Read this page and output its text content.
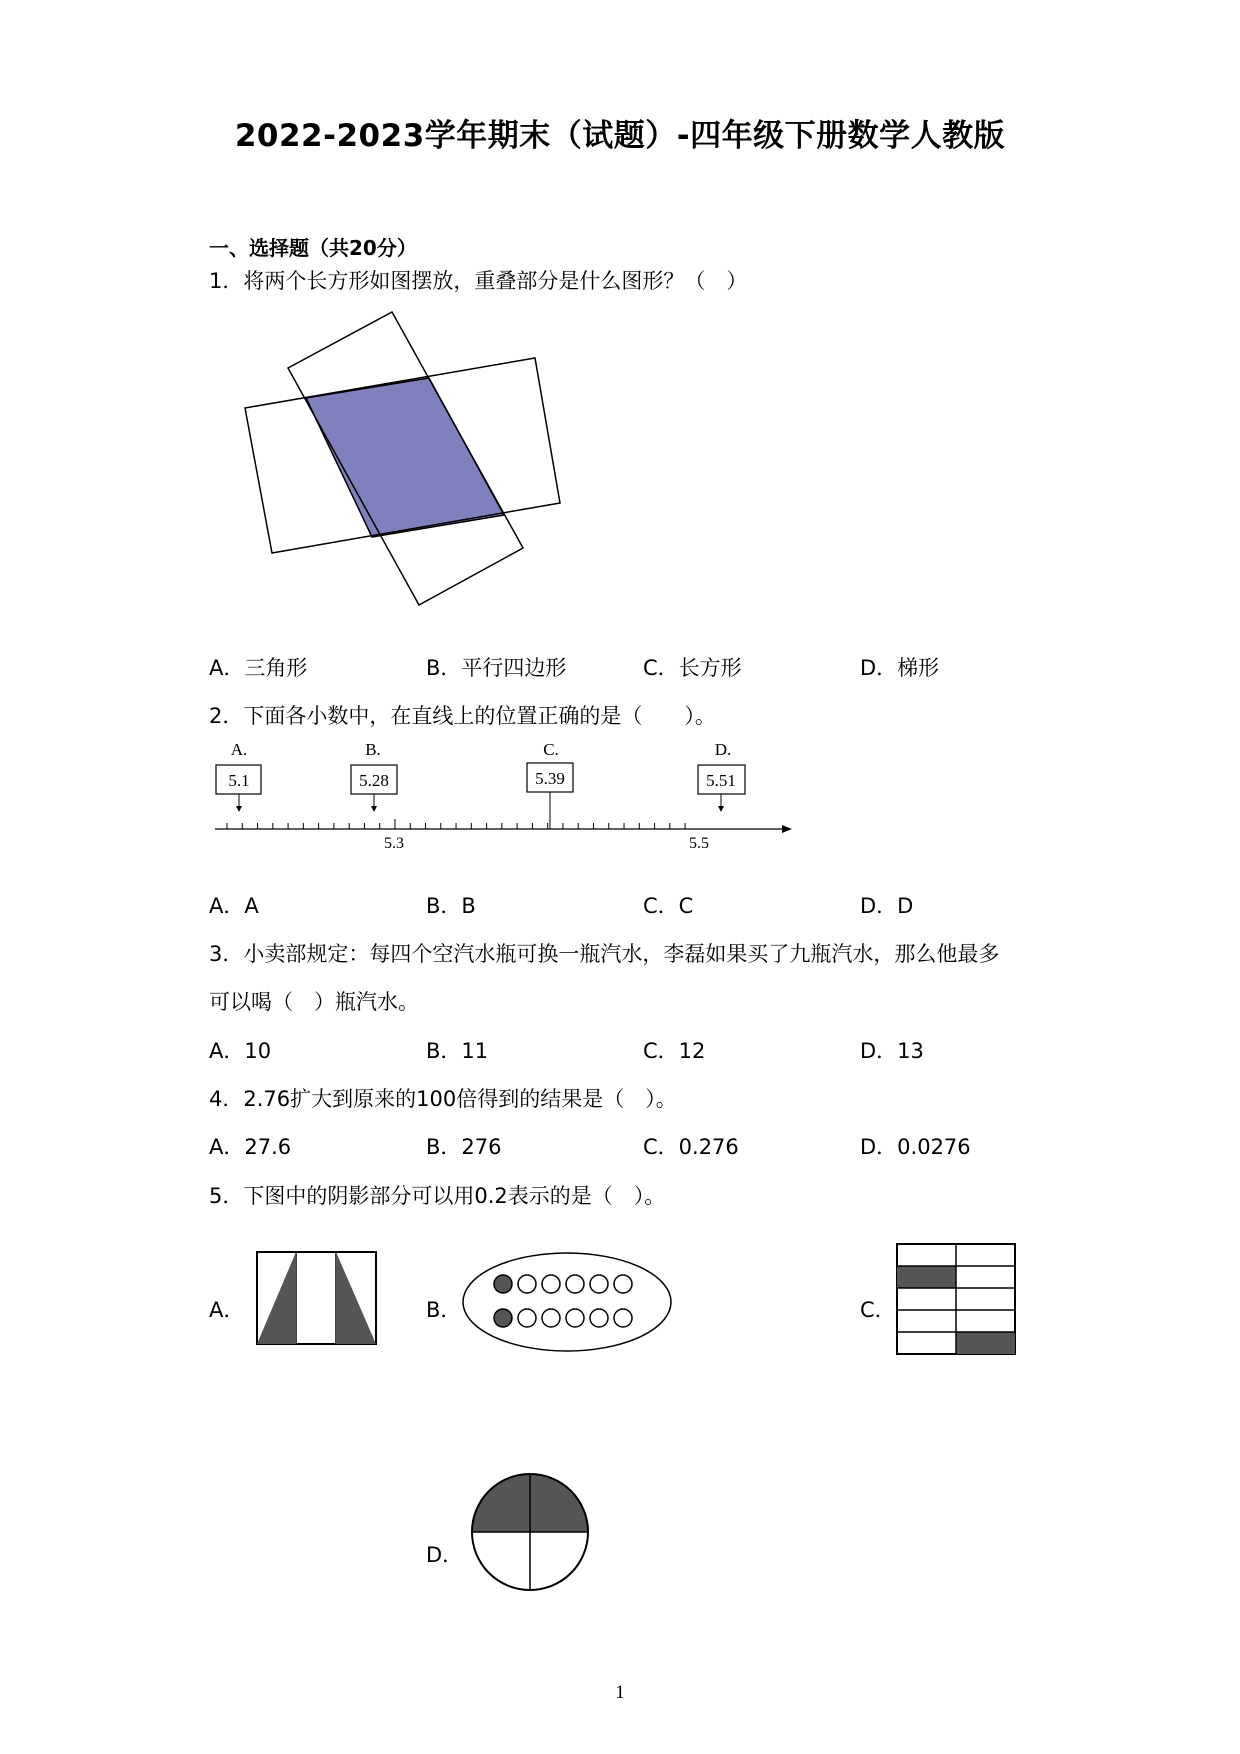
2022-2023学年期末（试题）-四年级下册数学人教版
一、选择题（共20分）
1．将两个长方形如图摆放，重叠部分是什么图形？（　）
A．三角形	B．平行四边形	C．长方形	D．梯形
2．下面各小数中，在直线上的位置正确的是（　　）。
A.
5.1
B.
5.28
C.
5.39
D.
5.51
5.3	5.5
A．A	B．B	C．C	D．D
3．小卖部规定：每四个空汽水瓶可换一瓶汽水，李磊如果买了九瓶汽水，那么他最多
可以喝（　）瓶汽水。
A．10	B．11	C．12	D．13
4．2.76扩大到原来的100倍得到的结果是（　）。
A．27.6	B．276	C．0.276	D．0.0276
5．下图中的阴影部分可以用0.2表示的是（　）。
A．	B．	C．
D．
1
